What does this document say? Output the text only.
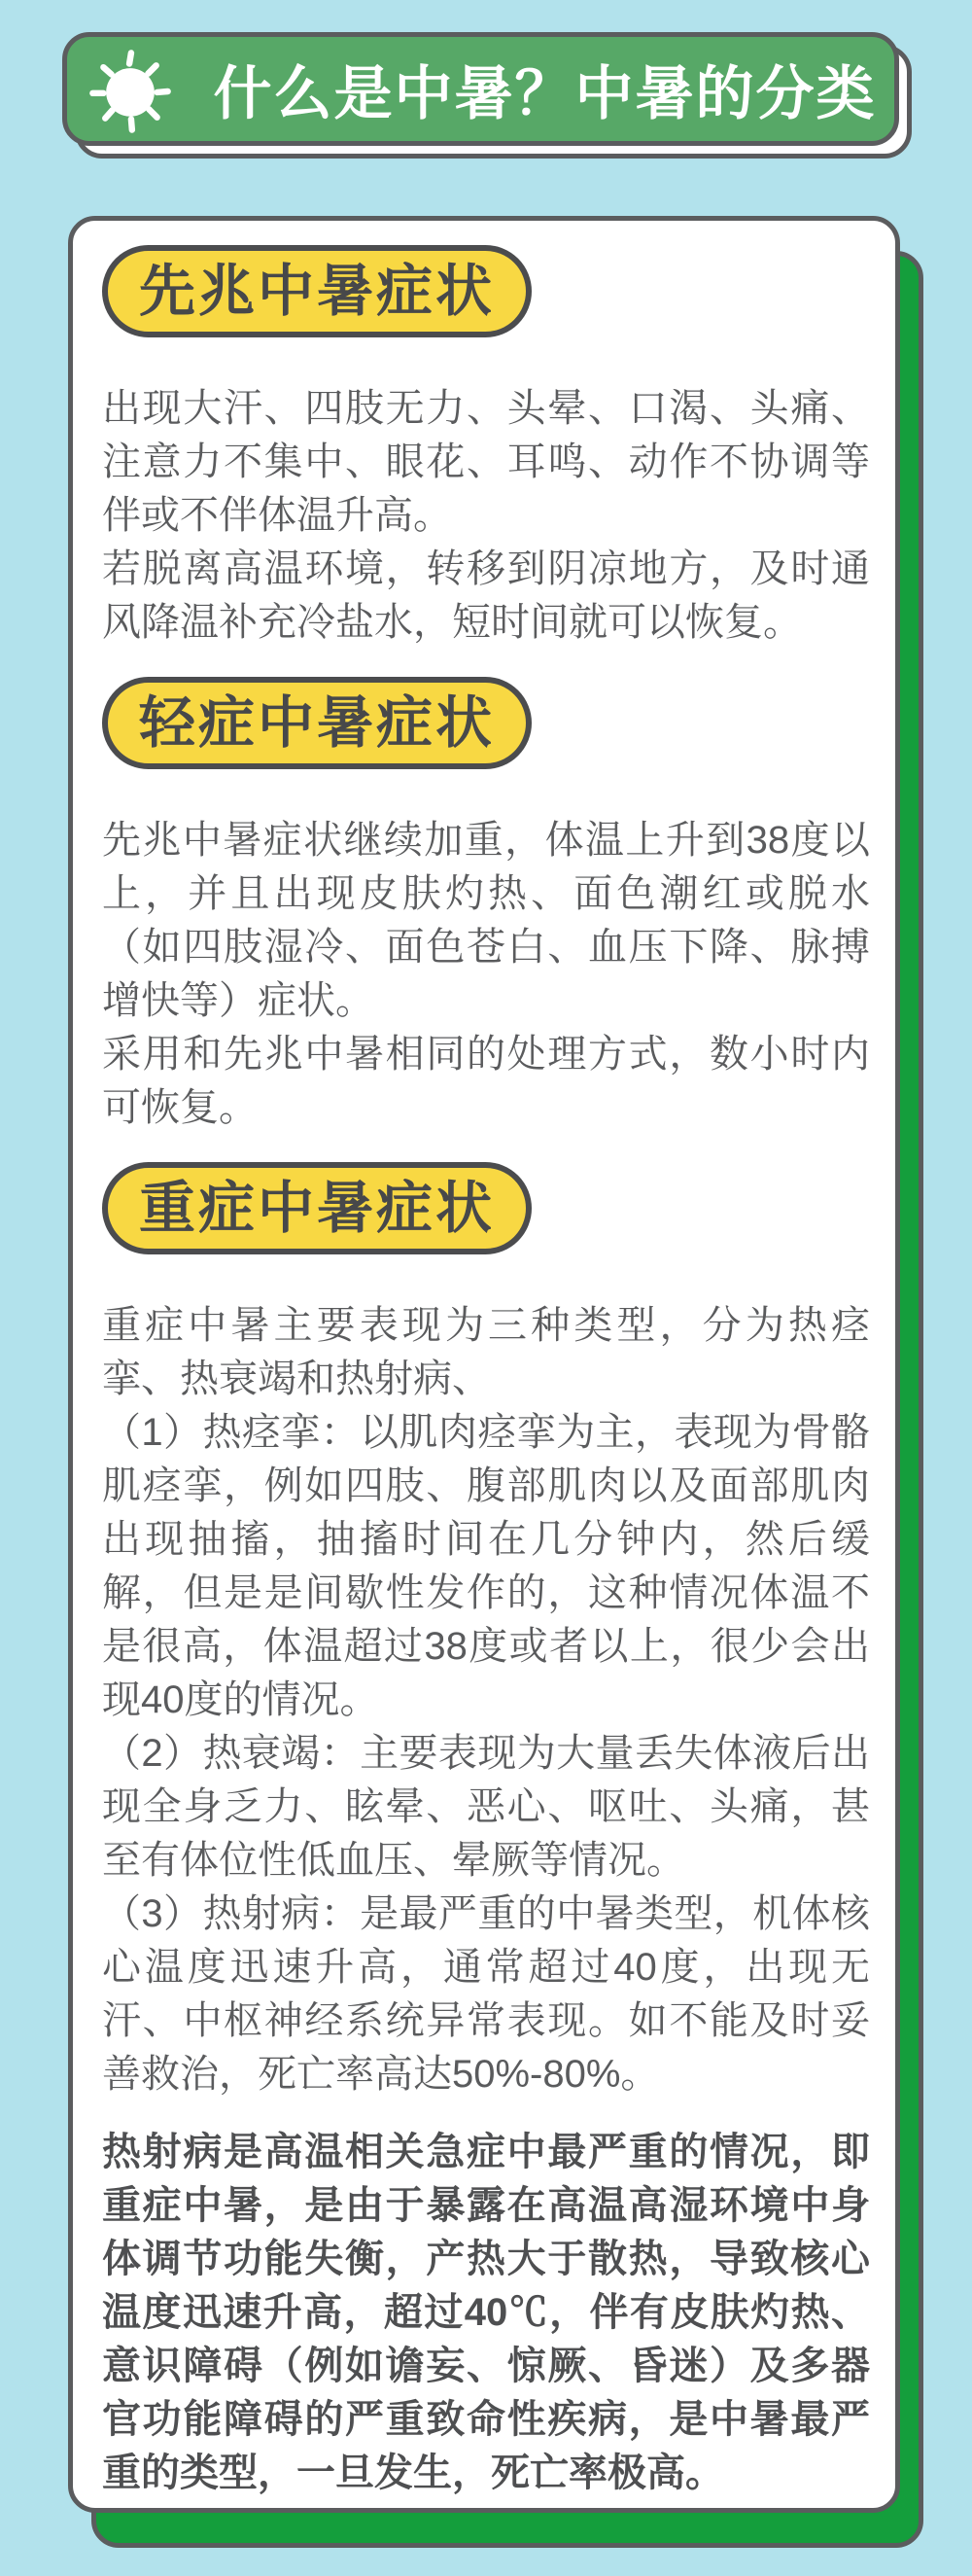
什么是中暑？中暑的分类
先兆中暑症状

出现大汗、四肢无力、头晕、口渴、头痛、注意力不集中、眼花、耳鸣、动作不协调等伴或不伴体温升高。

若脱离高温环境，转移到阴凉地方，及时通风降温补充冷盐水，短时间就可以恢复。

轻症中暑症状

先兆中暑症状继续加重，体温上升到38度以上，并且出现皮肤灼热、面色潮红或脱水（如四肢湿冷、面色苍白、血压下降、脉搏增快等）症状。

采用和先兆中暑相同的处理方式，数小时内可恢复。

重症中暑症状

重症中暑主要表现为三种类型，分为热痉挛、热衰竭和热射病、

（1）热痉挛：以肌肉痉挛为主，表现为骨骼肌痉挛，例如四肢、腹部肌肉以及面部肌肉出现抽搐，抽搐时间在几分钟内，然后缓解，但是是间歇性发作的，这种情况体温不是很高，体温超过38度或者以上，很少会出现40度的情况。

（2）热衰竭：主要表现为大量丢失体液后出现全身乏力、眩晕、恶心、呕吐、头痛，甚至有体位性低血压、晕厥等情况。

（3）热射病：是最严重的中暑类型，机体核心温度迅速升高，通常超过40度，出现无汗、中枢神经系统异常表现。如不能及时妥善救治，死亡率高达50%-80%。

热射病是高温相关急症中最严重的情况，即重症中暑，是由于暴露在高温高湿环境中身体调节功能失衡，产热大于散热，导致核心温度迅速升高，超过40℃，伴有皮肤灼热、意识障碍（例如谵妄、惊厥、昏迷）及多器官功能障碍的严重致命性疾病，是中暑最严重的类型，一旦发生，死亡率极高。
